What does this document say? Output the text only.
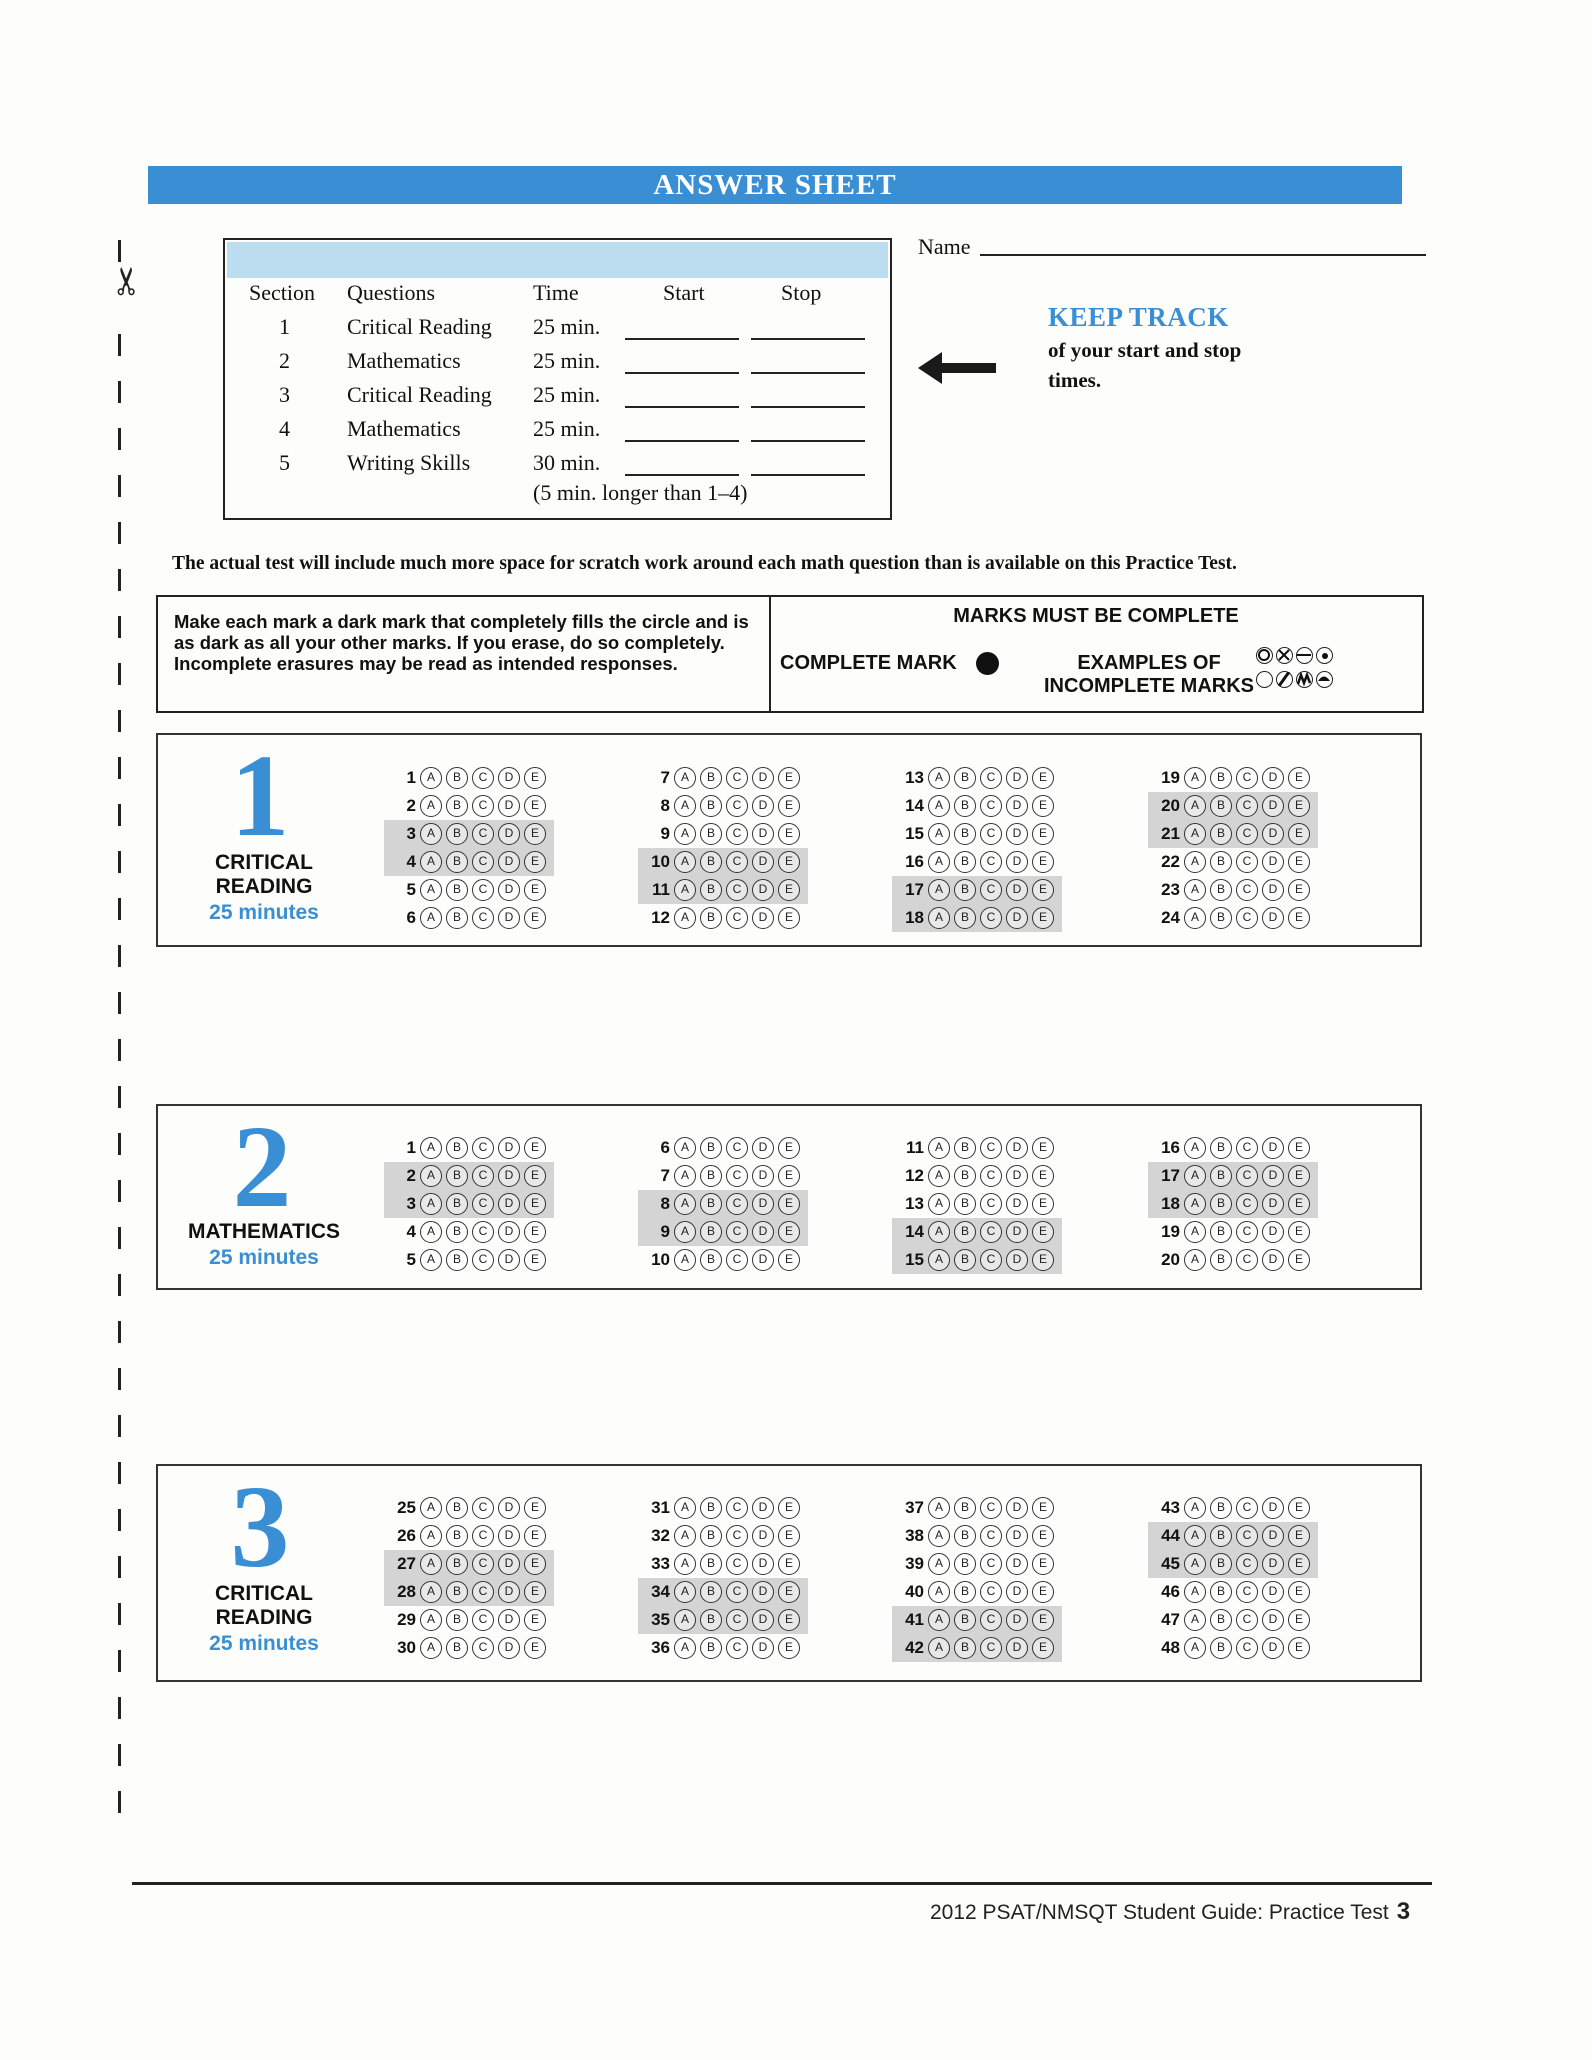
ANSWER SHEET
✂	Section Questions	Time	Start	Stop
(5 min. longer than 1–4)
1	Critical Reading 25 min.
2	Mathematics	25 min.
3	Critical Reading 25 min.
4	Mathematics	25 min.
5	Writing Skills	30 min.
Name
KEEP TRACK
of your start and stop times.
The actual test will include much more space for scratch work around each math question than is available on this Practice Test.
Make each mark a dark mark that completely fills the circle and is as dark as all your other marks. If you erase, do so completely. Incomplete erasures may be read as intended responses.
MARKS MUST BE COMPLETE
COMPLETE MARK	EXAMPLES OF INCOMPLETE MARKS
1
CRITICAL
READING
25 minutes
1 A	B	C	D	E
2 A	B	C	D	E
3 A	B	C	D	E
4 A	B	C	D	E
5 A	B	C	D	E
6 A	B	C	D	E
7 A	B	C	D	E
8 A	B	C	D	E
9 A	B	C	D	E
10 A	B	C	D	E
11 A	B	C	D	E
12 A	B	C	D	E
13 A	B	C	D	E
14 A	B	C	D	E
15 A	B	C	D	E
16 A	B	C	D	E
17 A	B	C	D	E
18 A	B	C	D	E
19 A	B	C	D	E
20 A	B	C	D	E
21 A	B	C	D	E
22 A	B	C	D	E
23 A	B	C	D	E
24 A	B	C	D	E
2
MATHEMATICS
25 minutes
1 A	B	C	D	E
2 A	B	C	D	E
3 A	B	C	D	E
4 A	B	C	D	E
5 A	B	C	D	E
6 A	B	C	D	E
7 A	B	C	D	E
8 A	B	C	D	E
9 A	B	C	D	E
10 A	B	C	D	E
11 A	B	C	D	E
12 A	B	C	D	E
13 A	B	C	D	E
14 A	B	C	D	E
15 A	B	C	D	E
16 A	B	C	D	E
17 A	B	C	D	E
18 A	B	C	D	E
19 A	B	C	D	E
20 A	B	C	D	E
3
CRITICAL
READING
25 minutes
25 A	B	C	D	E
26 A	B	C	D	E
27 A	B	C	D	E
28 A	B	C	D	E
29 A	B	C	D	E
30 A	B	C	D	E
31 A	B	C	D	E
32 A	B	C	D	E
33 A	B	C	D	E
34 A	B	C	D	E
35 A	B	C	D	E
36 A	B	C	D	E
37 A	B	C	D	E
38 A	B	C	D	E
39 A	B	C	D	E
40 A	B	C	D	E
41 A	B	C	D	E
42 A	B	C	D	E
43 A	B	C	D	E
44 A	B	C	D	E
45 A	B	C	D	E
46 A	B	C	D	E
47 A	B	C	D	E
48 A	B	C	D	E
2012 PSAT/NMSQT Student Guide: Practice Test 3
